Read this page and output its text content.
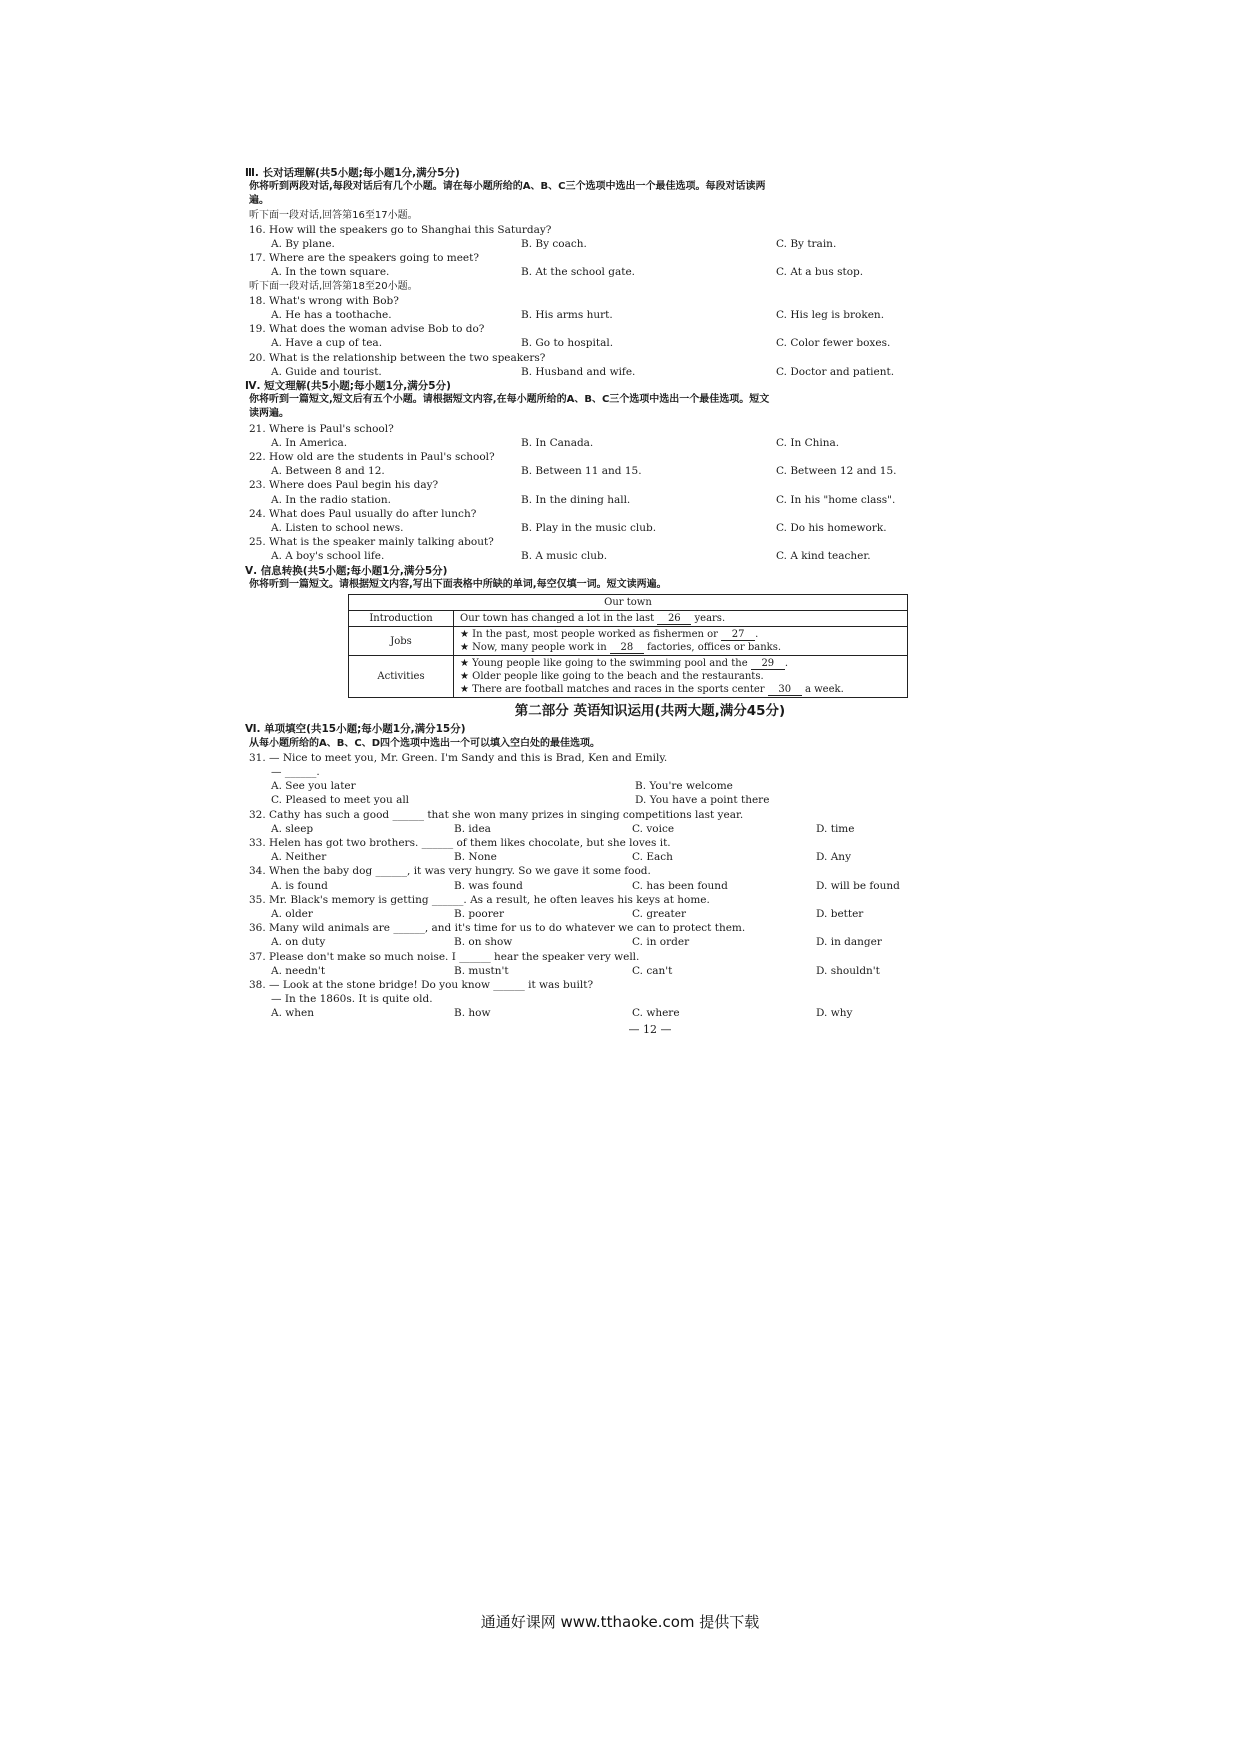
Ⅲ. 长对话理解(共5小题;每小题1分,满分5分)
你将听到两段对话,每段对话后有几个小题。请在每小题所给的A、B、C三个选项中选出一个最佳选项。每段对话读两
遍。
听下面一段对话,回答第16至17小题。
16. How will the speakers go to Shanghai this Saturday?
A. By plane.	B. By coach.	C. By train.
17. Where are the speakers going to meet?
A. In the town square.	B. At the school gate.	C. At a bus stop.
听下面一段对话,回答第18至20小题。
18. What's wrong with Bob?
A. He has a toothache.	B. His arms hurt.	C. His leg is broken.
19. What does the woman advise Bob to do?
A. Have a cup of tea.	B. Go to hospital.	C. Color fewer boxes.
20. What is the relationship between the two speakers?
A. Guide and tourist.	B. Husband and wife.	C. Doctor and patient.
Ⅳ. 短文理解(共5小题;每小题1分,满分5分)
你将听到一篇短文,短文后有五个小题。请根据短文内容,在每小题所给的A、B、C三个选项中选出一个最佳选项。短文
读两遍。
21. Where is Paul's school?
A. In America.	B. In Canada.	C. In China.
22. How old are the students in Paul's school?
A. Between 8 and 12.	B. Between 11 and 15.	C. Between 12 and 15.
23. Where does Paul begin his day?
A. In the radio station.	B. In the dining hall.	C. In his "home class".
24. What does Paul usually do after lunch?
A. Listen to school news.	B. Play in the music club.	C. Do his homework.
25. What is the speaker mainly talking about?
A. A boy's school life.	B. A music club.	C. A kind teacher.
Ⅴ. 信息转换(共5小题;每小题1分,满分5分)
你将听到一篇短文。请根据短文内容,写出下面表格中所缺的单词,每空仅填一词。短文读两遍。
Our town	
Introduction	Our town has changed a lot in the last 26 years.
Jobs	★ In the past, most people worked as fishermen or 27 .
★ Now, many people work in 28 factories, offices or banks.

Activities	★ Young people like going to the swimming pool and the 29 .
★ Older people like going to the beach and the restaurants.
★ There are football matches and races in the sports center 30 a week.
第二部分 英语知识运用(共两大题,满分45分)
Ⅵ. 单项填空(共15小题;每小题1分,满分15分)
从每小题所给的A、B、C、D四个选项中选出一个可以填入空白处的最佳选项。
31. — Nice to meet you, Mr. Green. I'm Sandy and this is Brad, Ken and Emily.
— ______.
A. See you later	B. You're welcome
C. Pleased to meet you all	D. You have a point there
32. Cathy has such a good ______ that she won many prizes in singing competitions last year.
A. sleep	B. idea	C. voice	D. time
33. Helen has got two brothers. ______ of them likes chocolate, but she loves it.
A. Neither	B. None	C. Each	D. Any
34. When the baby dog ______, it was very hungry. So we gave it some food.
A. is found	B. was found	C. has been found	D. will be found
35. Mr. Black's memory is getting ______. As a result, he often leaves his keys at home.
A. older	B. poorer	C. greater	D. better
36. Many wild animals are ______, and it's time for us to do whatever we can to protect them.
A. on duty	B. on show	C. in order	D. in danger
37. Please don't make so much noise. I ______ hear the speaker very well.
A. needn't	B. mustn't	C. can't	D. shouldn't
38. — Look at the stone bridge! Do you know ______ it was built?
— In the 1860s. It is quite old.
A. when	B. how	C. where	D. why
— 12 —
通通好课网 www.tthaoke.com 提供下载
